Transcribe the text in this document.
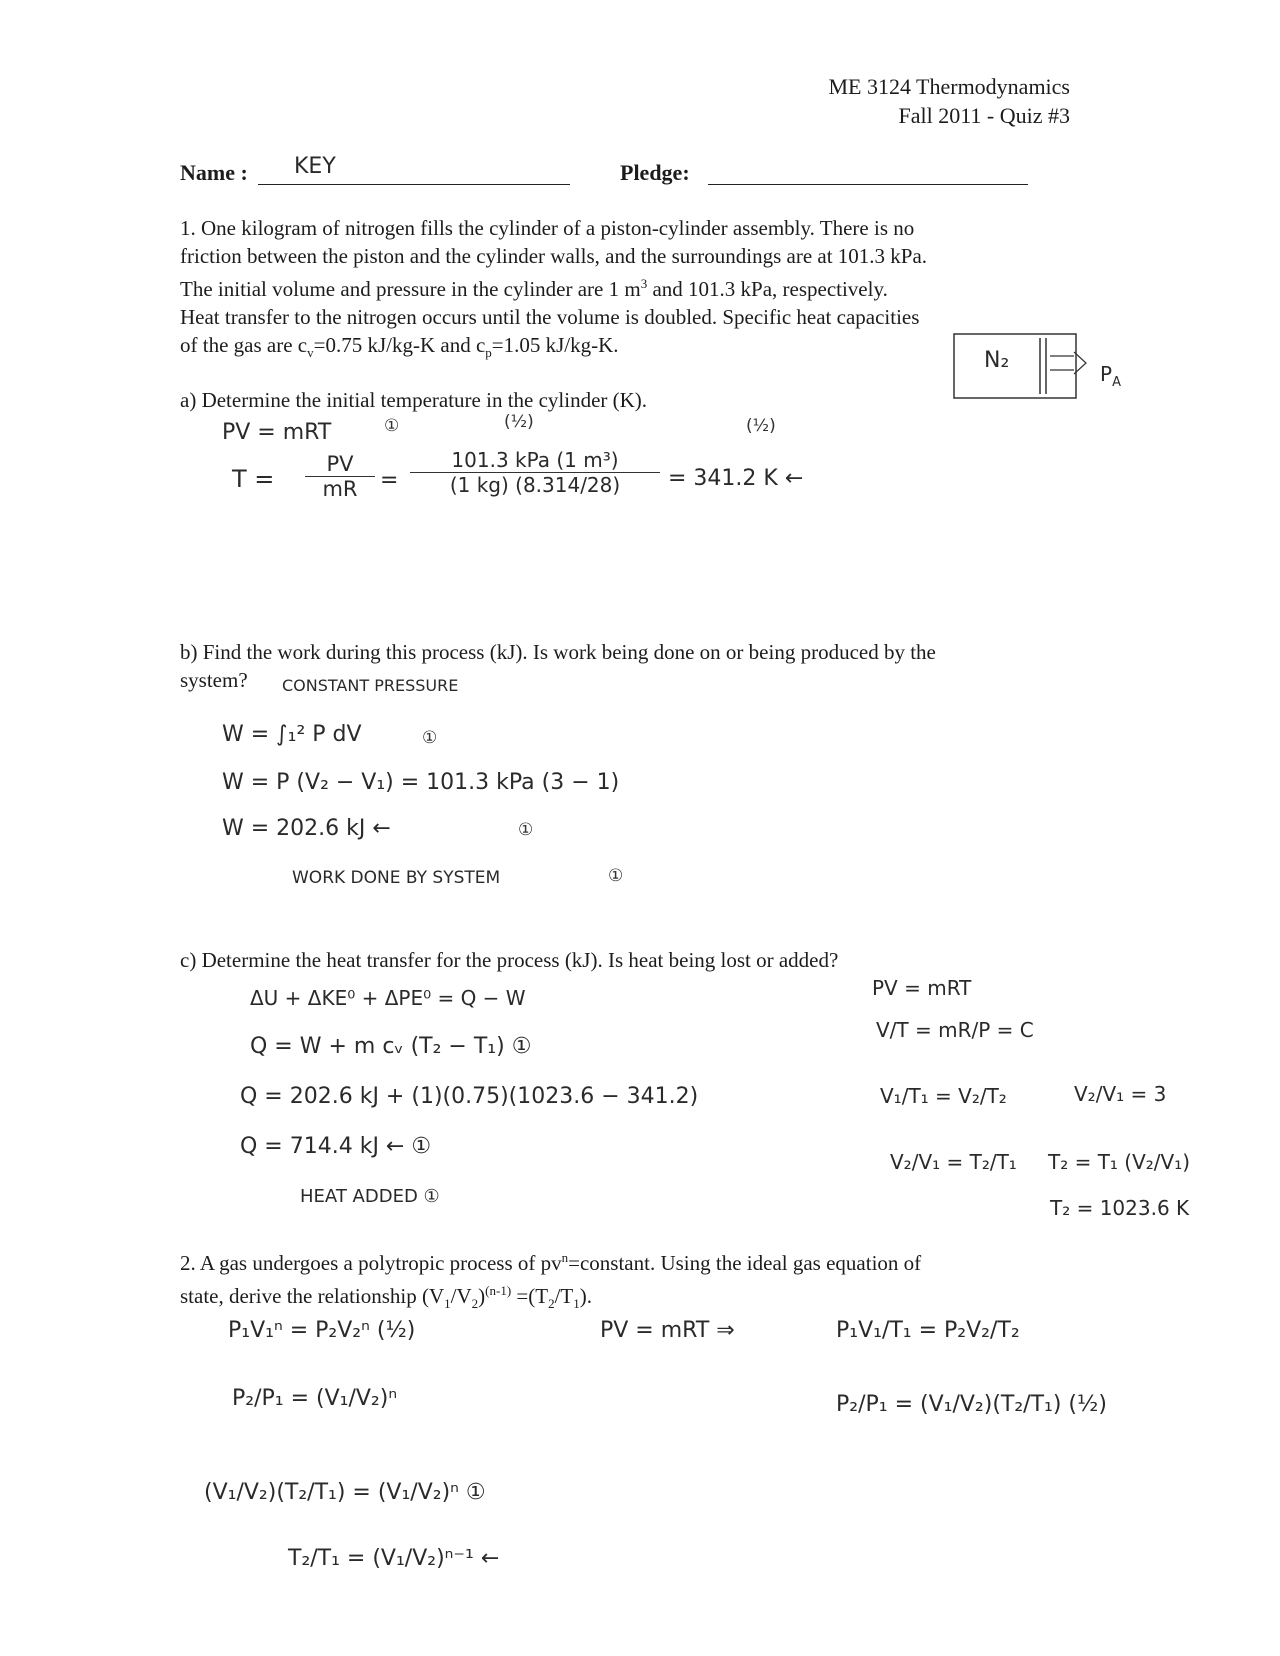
ME 3124 Thermodynamics
Fall 2011 - Quiz #3
Name : KEY	Pledge:
1. One kilogram of nitrogen fills the cylinder of a piston-cylinder assembly. There is no
friction between the piston and the cylinder walls, and the surroundings are at 101.3 kPa.
The initial volume and pressure in the cylinder are 1 $m^3$ and 101.3 kPa, respectively.
Heat transfer to the nitrogen occurs until the volume is doubled. Specific heat capacities
of the gas are $c_v=0.75$ kJ/kg-K and $c_p=1.05$ kJ/kg-K.
N₂
$P_A$
a) Determine the initial temperature in the cylinder (K).
PV = mRT	①	(½)	(½)
T =
PV
mR	=
101.3 kPa (1 m³)
(1 kg) (8.314/28)	= 341.2 K ←
b) Find the work during this process (kJ). Is work being done on or being produced by the
system? CONSTANT PRESSURE
W = ∫₁² P dV	①
W = P (V₂ − V₁) = 101.3 kPa (3 − 1)
W = 202.6 kJ ←	①
WORK DONE BY SYSTEM	①
c) Determine the heat transfer for the process (kJ). Is heat being lost or added?
ΔU + ΔKE⁰ + ΔPE⁰ = Q − W
Q = W + m cᵥ (T₂ − T₁) ①
Q = 202.6 kJ + (1)(0.75)(1023.6 − 341.2)
Q = 714.4 kJ ← ①
HEAT ADDED ①
PV = mRT
V/T = mR/P = C
V₁/T₁ = V₂/T₂	V₂/V₁ = 3
V₂/V₁ = T₂/T₁ T₂ = T₁ (V₂/V₁)
T₂ = 1023.6 K
2. A gas undergoes a polytropic process of $pv^n=constant$. Using the ideal gas equation of
state, derive the relationship $(V_1/V_2)^{(n-1)} =(T_2/T_1)$.
P₁V₁ⁿ = P₂V₂ⁿ (½)	PV = mRT ⇒	P₁V₁/T₁ = P₂V₂/T₂
P₂/P₁ = (V₁/V₂)ⁿ	P₂/P₁ = (V₁/V₂)(T₂/T₁) (½)
(V₁/V₂)(T₂/T₁) = (V₁/V₂)ⁿ ①
T₂/T₁ = (V₁/V₂)ⁿ⁻¹ ←
